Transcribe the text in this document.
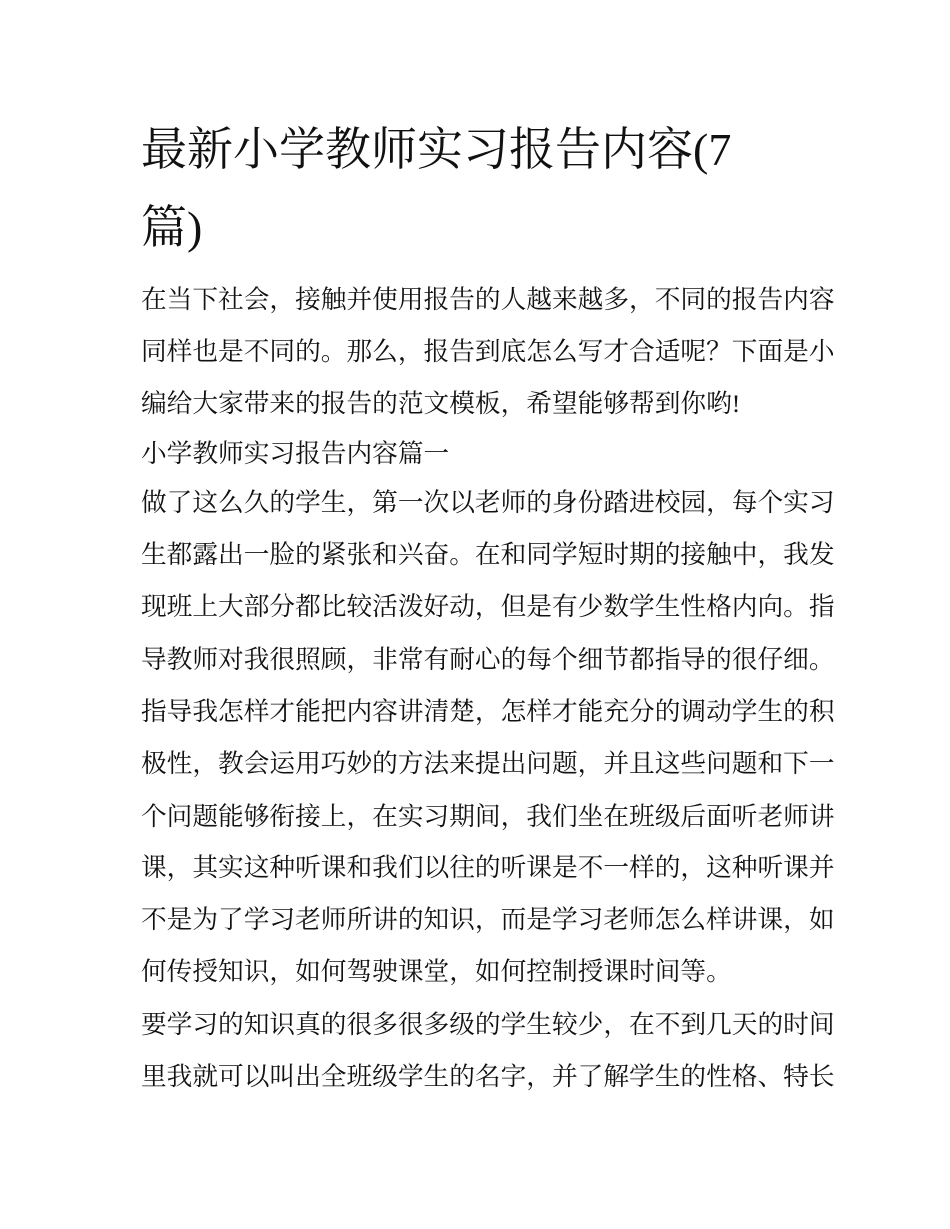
最新小学教师实习报告内容(7
篇)
在当下社会，接触并使用报告的人越来越多，不同的报告内容
同样也是不同的。那么，报告到底怎么写才合适呢？下面是小
编给大家带来的报告的范文模板，希望能够帮到你哟!
小学教师实习报告内容篇一
做了这么久的学生，第一次以老师的身份踏进校园，每个实习
生都露出一脸的紧张和兴奋。在和同学短时期的接触中，我发
现班上大部分都比较活泼好动，但是有少数学生性格内向。指
导教师对我很照顾，非常有耐心的每个细节都指导的很仔细。
指导我怎样才能把内容讲清楚，怎样才能充分的调动学生的积
极性，教会运用巧妙的方法来提出问题，并且这些问题和下一
个问题能够衔接上，在实习期间，我们坐在班级后面听老师讲
课，其实这种听课和我们以往的听课是不一样的，这种听课并
不是为了学习老师所讲的知识，而是学习老师怎么样讲课，如
何传授知识，如何驾驶课堂，如何控制授课时间等。
要学习的知识真的很多很多级的学生较少，在不到几天的时间
里我就可以叫出全班级学生的名字，并了解学生的性格、特长
